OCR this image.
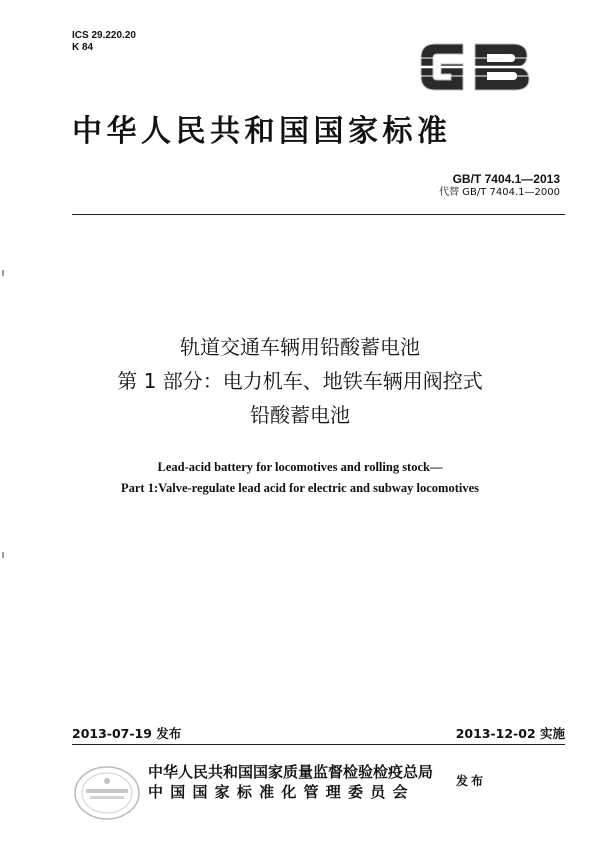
ICS 29.220.20
K 84
中华人民共和国国家标准
GB/T 7404.1—2013
代替 GB/T 7404.1—2000
轨道交通车辆用铅酸蓄电池
第 1 部分：电力机车、地铁车辆用阀控式
铅酸蓄电池
Lead-acid battery for locomotives and rolling stock—
Part 1:Valve-regulate lead acid for electric and subway locomotives
2013-07-19 发布	2013-12-02 实施
中华人民共和国国家质量监督检验检疫总局
中 国 国 家 标 准 化 管 理 委 员 会
发布
